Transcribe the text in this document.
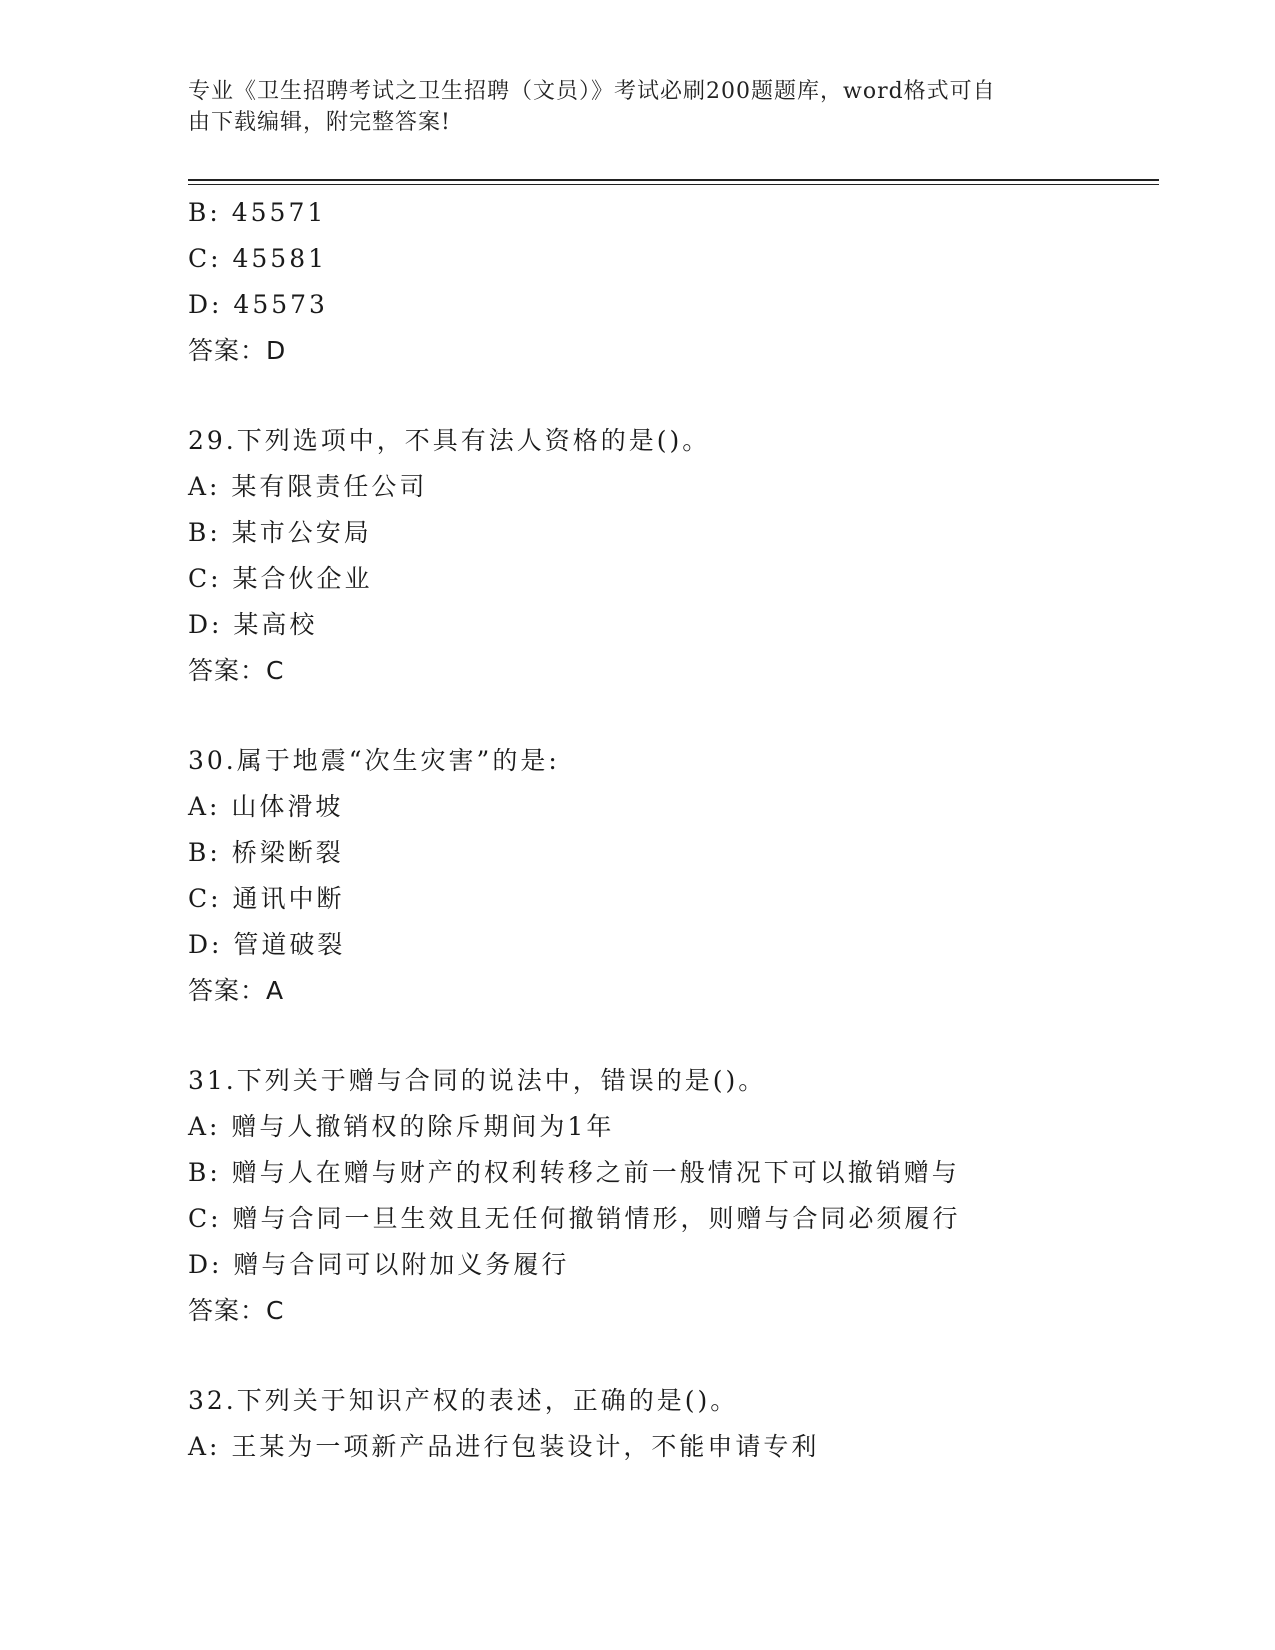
专业《卫生招聘考试之卫生招聘（文员）》考试必刷200题题库，word格式可自
由下载编辑，附完整答案!
B: 45571
C: 45581
D: 45573
答案：D
29.下列选项中，不具有法人资格的是()。
A: 某有限责任公司
B: 某市公安局
C: 某合伙企业
D: 某高校
答案：C
30.属于地震“次生灾害”的是:
A: 山体滑坡
B: 桥梁断裂
C: 通讯中断
D: 管道破裂
答案：A
31.下列关于赠与合同的说法中，错误的是()。
A: 赠与人撤销权的除斥期间为1年
B: 赠与人在赠与财产的权利转移之前一般情况下可以撤销赠与
C: 赠与合同一旦生效且无任何撤销情形，则赠与合同必须履行
D: 赠与合同可以附加义务履行
答案：C
32.下列关于知识产权的表述，正确的是()。
A: 王某为一项新产品进行包装设计，不能申请专利
